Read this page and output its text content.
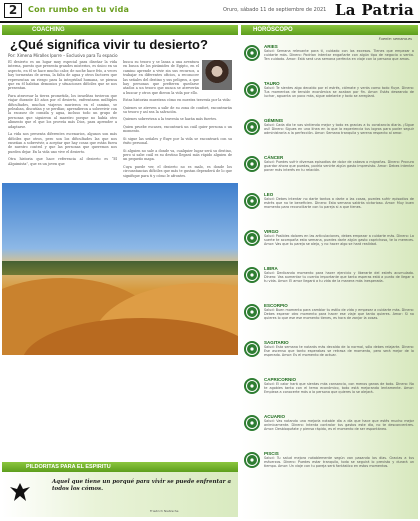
2	Con rumbo en tu vida	Oruro, sábado 11 de septiembre de 2021 La Patria
COACHING
¿Qué significa vivir tu desierto?
Por: Ximena Miralles Iporre – Exclusivo para Tu espacio

El desierto es un lugar muy especial para diseñar la vida interna, puesto que presenta grandes misterios, es único en su aspecto, en él se hace mucho calor, de noche hace frío, a veces hay tormentas de arena, la falta de agua y otros factores que representan un riesgo para la integridad humana, se piensa que en él habitan demonios y situaciones difíciles que se nos presentan.

Para atravesar la tierra prometida, los israelitas tuvieron que viajar durante 40 años por el desierto, enfrentaron múltiples dificultades, muchos viajeros murieron en el camino, se peleaban, discutían y se perdían; aprendieron a sobrevivir con la escasez de comida y agua, incluso todo un grupo de personas que siguieron al maestro porque no había otro alimento que el que los proveía más Dios, para aprender a adaptarse.

La vida nos presenta diferentes escenarios, algunos son más difíciles que otros, pero son los dificultades las que nos enseñan a sobrevivir, a aceptar que hay cosas que están fuera de nuestro control y que las personas que queremos nos pueden dejar. En la vida uno vive el desierto.

Otra historia que hace referencia al desierto es “El Alquimista”, que es un joven que

busca su tesoro y se lanza a una aventura en busca de los pirámides de Egipto, en el camino aprende a vivir sin sus recursos, a trabajar en diferentes oficios, a reconocer las señales del destino y sus peligros, a que hay personas que prefieren quedarse atados a un tesoro que nunca se atreverán a buscar y otros que dieron la vida por ello.

Estas historias muestran cómo en nuestra travesía por la vida:

Quienes se atreven a salir de su zona de confort, encontrarán su tesoro y así sea la salvación.

Quienes sobrevivan a la travesía se harán más fuertes.

Quien pruebe escasez, encontrará un cuál quier persona o un momento.

Si sigue las señales y fluye por la vida se encontrará con su éxito personal.

Si alguien no sale a donde va, cualquier lugar será su destino, pero si sabe cuál es su destino llegará más rápido alguien de un pequeño mapa.

Cuya puede ver, el desierto no es malo, es donde los circunstancias difíciles que más te gustan dependerá de lo que signifique para ti y cómo le afrontes.

PILDORITAS PARA EL ESPIRITU
Aquel que tiene un porqué para vivir se puede enfrentar a todos los cómos.
Friedrich Nietzsche
HORÓSCOPO
Fuente: semana.es
ARIES
Salud: Semana relevante para ti, cuidado con los excesos. Tienes que empezar a cuidarte más. Dinero: Podrían intentar engañarte con algún tipo de negocio o venta. Ten cuidado. Amor: Está será una semana perfecta en viaje con la persona que amas.
TAURO
Salud: Te sientes algo decaído por el estrés, cálmate y verás como todo fluye. Dinero: Tus momentos de tensión económica se acaban por fin. Amor: Estás deseando de luchar, aguanta un poco más, sigue adelante y todo se arreglará.
GÉMINIS
Salud: Cada día te vas sintiendo mejor y todo es gracias a tu constancia diaria. ¡Sigue así! Dinero: Sigues en una línea en la que la experiencia tus logros para poder seguir administrarla a la perfección. Amor: Semana tranquila y serena respecto al amor.
CÁNCER
Salud: Puedes sufrir diversos episodios de dolor de cabeza o migrañas. Dinero: Procura guardar ahora que puedas, podría venirte algún gasto imprevisto. Amor: Debes intentar poner más interés en tu relación.
LEO
Salud: Debes intentar no darte tantos a darte a las cosas, puedes sufrir episodios de estrés que no te beneficien. Dinero: Esta semana saldrás victorioso. Amor: Muy buen momento para reconciliarte con tu pareja si a que tienes.
VIRGO
Salud: Posibles dolores en las articulaciones, debes empezar a cuidarte más. Dinero: La suerte te acompaña esta semana, puedes darle algún gasto caprichoso, te lo mereces. Amor: Vas que tu pareja se aleja, y no hacer algo se hará realidad.
LIBRA
Salud: Dedicando momento para hacer ejercicio y liberarte del estrés acumulado. Dinero: Vas aumentar tu cuenta importante que tanto esperas está a punto de llegar a tu vida. Amor: El amor llegará a tu vida de la manera más inesperada.
ESCORPIO
Salud: Buen momento para cambiar tu estilo de vida y empezar a cuidarte más. Dinero: Debes esperar otro momento para hacer ese viaje que tanto quieres. Amor: Si no quieres lo que ese ese momento tienes, es hora de zanjar la cosas.
SAGITARIO
Salud: Esta semana te notarás más decaído de lo normal, sólo debes relajarte. Dinero: Ese ascenso que tanto esperabas se retrasa de momento, pero será mejor de lo esperado. Amor: Es el momento de actuar.
CAPRICORNIO
Salud: El calor hará que sientas más cansancio, con menos ganas de todo. Dinero: No te agobies tanto con el tema económico, todo está mejorando lentamente. Amor: Empieza a conocerte más a la persona que quieres lo se alejará.
ACUARIO
Salud: Vas notando una mejoría notable día a día que hace que estés mucho mejor anímicamente. Dinero: Intenta controlar tus gastos este día, no te desconcentres. Amor: Desbloquéate y piensa rápido, es el momento de ser espontáneo.
PISCIS
Salud: Tu salud mejora notablemente según van pasando los días. Gracias a tus esfuerzos. Dinero: Puedes estar tranquilo, todo se seguirá lo previsto y durará un tiempo. Amor: Un viaje con tu pareja será fantástico en estos momentos.
